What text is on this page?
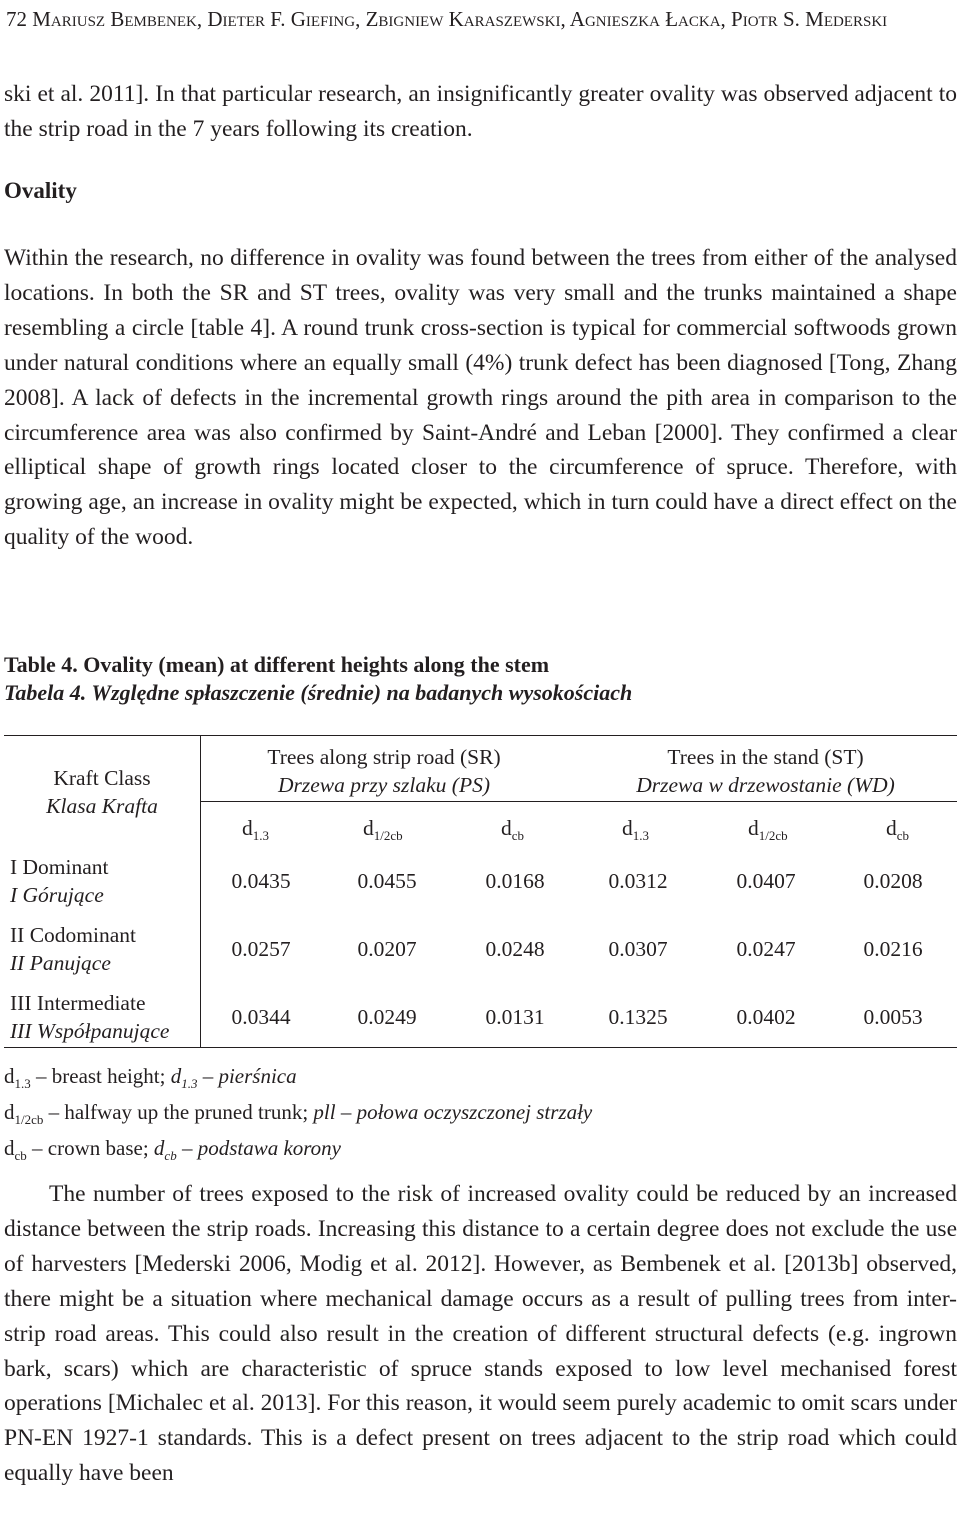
72 Mariusz Bembenek, Dieter F. Giefing, Zbigniew Karaszewski, Agnieszka Łacka, Piotr S. Mederski

ski et al. 2011]. In that particular research, an insignificantly greater ovality was observed adjacent to the strip road in the 7 years following its creation.

Ovality

Within the research, no difference in ovality was found between the trees from either of the analysed locations. In both the SR and ST trees, ovality was very small and the trunks maintained a shape resembling a circle [table 4]. A round trunk cross-section is typical for commercial softwoods grown under natural conditions where an equally small (4%) trunk defect has been diagnosed [Tong, Zhang 2008]. A lack of defects in the incremental growth rings around the pith area in comparison to the circumference area was also confirmed by Saint-André and Leban [2000]. They confirmed a clear elliptical shape of growth rings located closer to the circumference of spruce. Therefore, with growing age, an increase in ovality might be expected, which in turn could have a direct effect on the quality of the wood.

Table 4. Ovality (mean) at different heights along the stem
Tabela 4. Względne spłaszczenie (średnie) na badanych wysokościach
Kraft Class
Klasa Krafta
Trees along strip road (SR)
Drzewa przy szlaku (PS)
Trees in the stand (ST)
Drzewa w drzewostanie (WD)
$d_{1.3}$	$d_{1/2cb}$	$d_{cb}$	$d_{1.3}$	$d_{1/2cb}$	$d_{cb}$
I Dominant
I Górujące
0.0435	0.0455	0.0168	0.0312	0.0407	0.0208
II Codominant
II Panujące
0.0257	0.0207	0.0248	0.0307	0.0247	0.0216
III Intermediate
III Współpanujące
0.0344	0.0249	0.0131	0.1325	0.0402	0.0053
$d_{1.3}$ – breast height; $d_{1.3}$ – pierśnica
$d_{1/2cb}$ – halfway up the pruned trunk; pll – połowa oczyszczonej strzały
$d_{cb}$ – crown base; $d_{cb}$ – podstawa korony

The number of trees exposed to the risk of increased ovality could be reduced by an increased distance between the strip roads. Increasing this distance to a certain degree does not exclude the use of harvesters [Mederski 2006, Modig et al. 2012]. However, as Bembenek et al. [2013b] observed, there might be a situation where mechanical damage occurs as a result of pulling trees from inter-strip road areas. This could also result in the creation of different structural defects (e.g. ingrown bark, scars) which are characteristic of spruce stands exposed to low level mechanised forest operations [Michalec et al. 2013]. For this reason, it would seem purely academic to omit scars under PN-EN 1927-1 standards. This is a defect present on trees adjacent to the strip road which could equally have been
